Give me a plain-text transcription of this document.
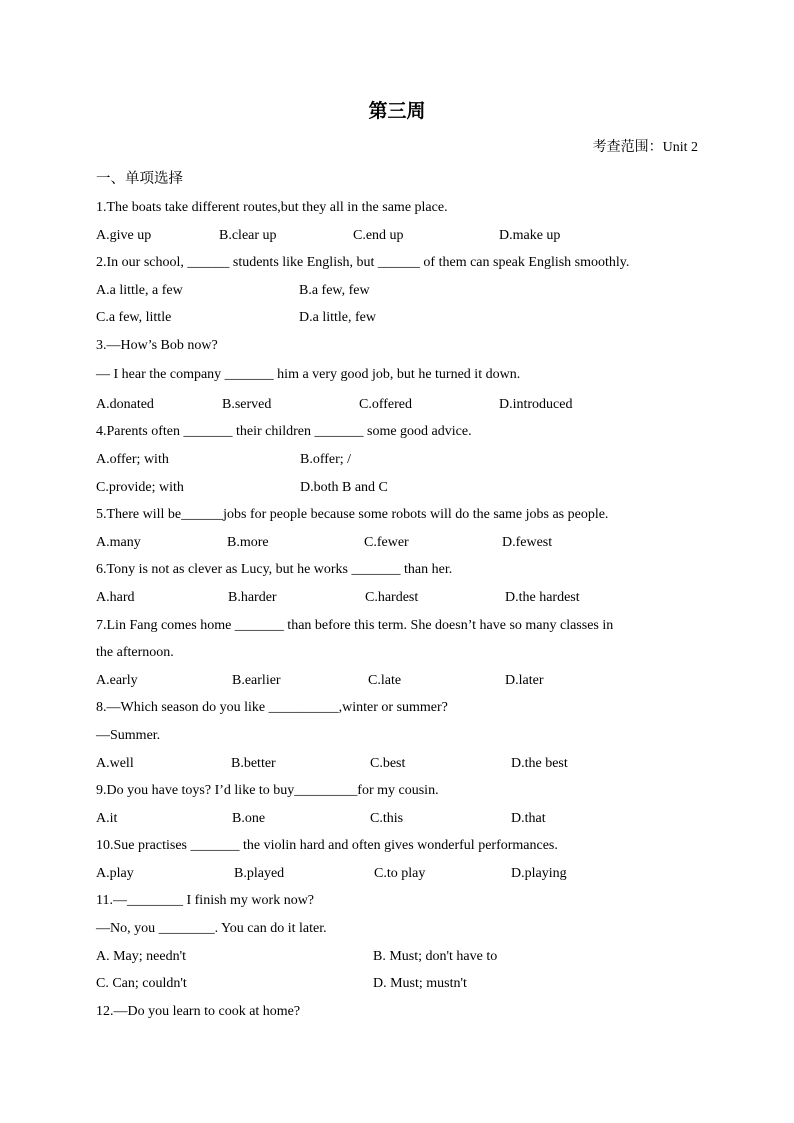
第三周
考查范围：Unit 2
一、单项选择
1.The boats take different routes,but they all in the same place.
A.give up	B.clear up	C.end up	D.make up
2.In our school, ______ students like English, but ______ of them can speak English smoothly.
A.a little, a few	B.a few, few
C.a few, little	D.a little, few
3.—How’s Bob now?
— I hear the company _______ him a very good job, but he turned it down.
A.donated	B.served	C.offered	D.introduced
4.Parents often _______ their children _______ some good advice.
A.offer; with	B.offer; /
C.provide; with	D.both B and C
5.There will be______jobs for people because some robots will do the same jobs as people.
A.many	B.more	C.fewer	D.fewest
6.Tony is not as clever as Lucy, but he works _______ than her.
A.hard	B.harder	C.hardest	D.the hardest
7.Lin Fang comes home _______ than before this term. She doesn’t have so many classes in
the afternoon.
A.early	B.earlier	C.late	D.later
8.—Which season do you like __________,winter or summer?
—Summer.
A.well	B.better	C.best	D.the best
9.Do you have toys? I’d like to buy_________for my cousin.
A.it	B.one	C.this	D.that
10.Sue practises _______ the violin hard and often gives wonderful performances.
A.play	B.played	C.to play	D.playing
11.—________ I finish my work now?
—No, you ________. You can do it later.
A. May; needn't	B. Must; don't have to
C. Can; couldn't	D. Must; mustn't
12.—Do you learn to cook at home?
